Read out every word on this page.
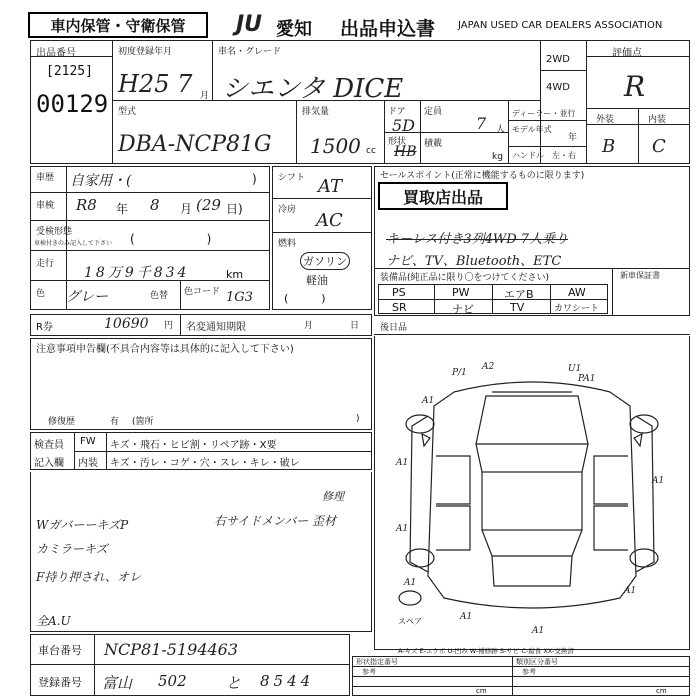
車内保管・守衛保管	JU 愛知 出品申込書 JAPAN USED CAR DEALERS ASSOCIATION
出品番号
[2125]
00129
初度登録年月
H25 7 月
車名・グレード
シエンタ DICE
2WD
4WD
評価点
R
外装	内装
B C
型式
DBA-NCP81G
排気量
1500 cc
ドア
5D
形状
HB
定員
7 人
積載
kg
ディーラー・並行
モデル年式
年
ハンドル　左・右
車歴 自家用・(	)
車検 R8 年 8 月 (29 日)
受検形態
車検付きのみ記入して下さい (　　　　　　)
走行
18万9千834	km
色 グレー	色替 色コード 1G3
シフト AT
冷房 AC
燃料
ガソリン
軽油
(　　　)
セールスポイント(正常に機能するものに限ります)
買取店出品
キーレス付き3列4WD 7人乗り
ナビ、TV、Bluetooth、ETC
装備品(純正品に限り〇をつけてください)	新車保証書
PS	PW	エアB	AW
SR	ナビ	TV	カワシート
R券	10690 円 名変通知期限	月	日 後日品
注意事項申告欄(不具合内容等は具体的に記入して下さい)
修復歴	有 (箇所	)
検査員
記入欄
FW キズ・飛石・ヒビ割・リペア跡・X要
内装 キズ・汚レ・コゲ・穴・スレ・キレ・破レ
WガバーーキズP
カミラーキズ
F持り押され、オレ
全A.U
右サイドメンバー 歪材
修理
P/1
A2	U1
PA1
A1
A1
A1
A1
A1
A1
A1
A1
スペア
A-キズ E-エクボ U-凹み W-補修跡 S-サビ C-腐食 XX-交換済
車台番号 NCP81-5194463
登録番号 富山 502	と 8544
形状指定番号
参考
類別区分番号
参考
cm	cm
